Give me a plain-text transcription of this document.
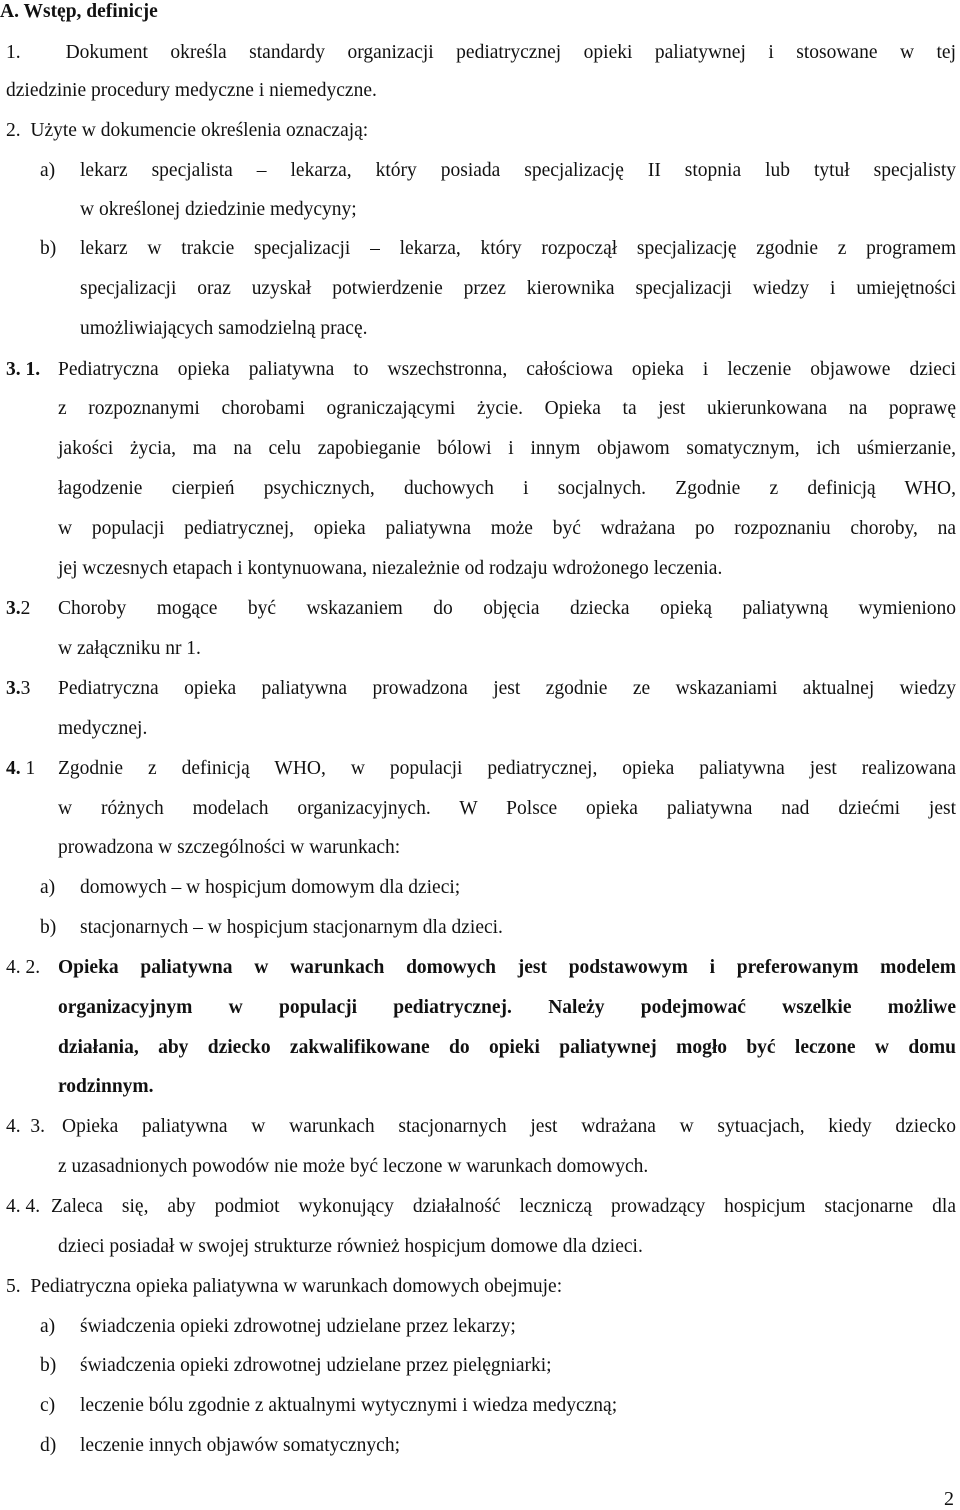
A. Wstęp, definicje
1.  Dokument określa standardy organizacji pediatrycznej opieki paliatywnej i stosowane w tej
dziedzinie procedury medyczne i niemedyczne.
2.  Użyte w dokumencie określenia oznaczają:
a) lekarz specjalista – lekarza, który posiada specjalizację II stopnia lub tytuł specjalisty
w określonej dziedzinie medycyny;
b) lekarz w trakcie specjalizacji – lekarza, który rozpoczął specjalizację zgodnie z programem
specjalizacji oraz uzyskał potwierdzenie przez kierownika specjalizacji wiedzy i umiejętności
umożliwiających samodzielną pracę.
3. 1. Pediatryczna opieka paliatywna to wszechstronna, całościowa opieka i leczenie objawowe dzieci
z rozpoznanymi chorobami ograniczającymi życie. Opieka ta jest ukierunkowana na poprawę
jakości życia, ma na celu zapobieganie bólowi i innym objawom somatycznym, ich uśmierzanie,
łagodzenie cierpień psychicznych, duchowych i socjalnych. Zgodnie z definicją WHO,
w populacji pediatrycznej, opieka paliatywna może być wdrażana po rozpoznaniu choroby, na
jej wczesnych etapach i kontynuowana, niezależnie od rodzaju wdrożonego leczenia.
3.2 Choroby mogące być wskazaniem do objęcia dziecka opieką paliatywną wymieniono
w załączniku nr 1.
3.3 Pediatryczna opieka paliatywna prowadzona jest zgodnie ze wskazaniami aktualnej wiedzy
medycznej.
4. 1 Zgodnie z definicją WHO, w populacji pediatrycznej, opieka paliatywna jest realizowana
w różnych modelach organizacyjnych. W Polsce opieka paliatywna nad dziećmi jest
prowadzona w szczególności w warunkach:
a) domowych – w hospicjum domowym dla dzieci;
b) stacjonarnych – w hospicjum stacjonarnym dla dzieci.
4. 2. Opieka paliatywna w warunkach domowych jest podstawowym i preferowanym modelem
organizacyjnym w populacji pediatrycznej. Należy podejmować wszelkie możliwe
działania, aby dziecko zakwalifikowane do opieki paliatywnej mogło być leczone w domu
rodzinnym.
4.  3. Opieka paliatywna w warunkach stacjonarnych jest wdrażana w sytuacjach, kiedy dziecko
z uzasadnionych powodów nie może być leczone w warunkach domowych.
4. 4. Zaleca się, aby podmiot wykonujący działalność leczniczą prowadzący hospicjum stacjonarne dla
dzieci posiadał w swojej strukturze również hospicjum domowe dla dzieci.
5.  Pediatryczna opieka paliatywna w warunkach domowych obejmuje:
a) świadczenia opieki zdrowotnej udzielane przez lekarzy;
b) świadczenia opieki zdrowotnej udzielane przez pielęgniarki;
c) leczenie bólu zgodnie z aktualnymi wytycznymi i wiedza medyczną;
d) leczenie innych objawów somatycznych;
2
